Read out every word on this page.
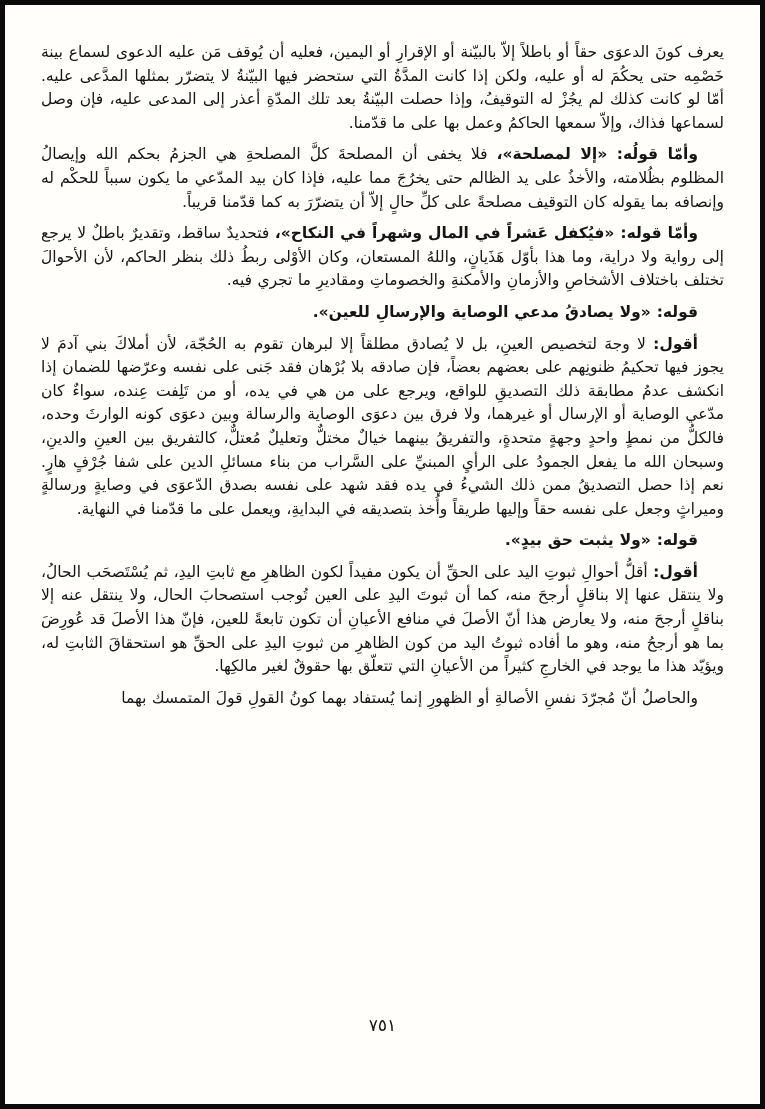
يعرف كونَ الدعوَى حقاً أو باطلاً إلاّ بالبيّنة أو الإقرارِ أو اليمين، فعليه أن يُوقف مَن عليه الدعوى لسماع بينة خَصْمِه حتى يحكُمَ له أو عليه، ولكن إذا كانت المدَّةُ التي ستحضر فيها البيّنةُ لا يتضرّر بمثلها المدَّعى عليه. أمّا لو كانت كذلك لم يجُزْ له التوقيفُ، وإذا حصلت البيّنةُ بعد تلك المدّةِ أعذر إلى المدعى عليه، فإن وصل لسماعها فذاك، وإلاّ سمعها الحاكمُ وعمل بها على ما قدّمنا.

وأمّا قولُه: «إلا لمصلحة»، فلا يخفى أن المصلحةَ كلَّ المصلحةِ هي الجزمُ بحكم الله وإيصالُ المظلوم بظُلامته، والأخذُ على يد الظالم حتى يخرُجَ مما عليه، فإذا كان بيد المدّعي ما يكون سبباً للحكْم له وإنصافه بما يقوله كان التوقيف مصلحةً على كلِّ حالٍ إلاّ أن يتضرّرَ به كما قدّمنا قريباً.

وأمّا قوله: «فيُكفل عَشراً في المال وشهراً في النكاح»، فتحديدٌ ساقط، وتقديرٌ باطلٌ لا يرجع إلى رواية ولا دراية، وما هذا بأوّل هَذَيانٍ، واللهُ المستعان، وكان الأوْلى ربطُ ذلك بنظر الحاكم، لأن الأحوالَ تختلف باختلاف الأشخاصِ والأزمانِ والأمكنةِ والخصوماتِ ومقاديرِ ما تجري فيه.

قوله: «ولا يصادقُ مدعي الوصاية والإرسالِ للعين».

أقول: لا وجهَ لتخصيص العينِ، بل لا يُصادق مطلقاً إلا لبرهان تقوم به الحُجّة، لأن أملاكَ بني آدمَ لا يجوز فيها تحكيمُ ظنونِهم على بعضهم بعضاً، فإن صادقه بلا بُرْهان فقد جَنى على نفسه وعرّضها للضمان إذا انكشف عدمُ مطابقة ذلك التصديقِ للواقع، ويرجع على من هي في يده، أو من تَلِفت عِنده، سواءٌ كان مدّعي الوصاية أو الإرسال أو غيرهما، ولا فرق بين دعوَى الوصاية والرسالة وبين دعوَى كونه الوارثَ وحده، فالكلُّ من نمطٍ واحدٍ وجهةٍ متحدةٍ، والتفريقُ بينهما خيالٌ مختلٌّ وتعليلٌ مُعتلٌّ، كالتفريق بين العينِ والدينِ، وسبحان الله ما يفعل الجمودُ على الرأيِ المبنيِّ على السَّراب من بناء مسائلِ الدين على شفا جُرْفٍ هارٍ. نعم إذا حصل التصديقُ ممن ذلك الشيءُ في يده فقد شهد على نفسه بصدق الدّعوَى في وصايةٍ ورسالةٍ وميراثٍ وجعل على نفسه حقاً وإليها طريقاً وأُخذ بتصديقه في البدايةِ، ويعمل على ما قدّمنا في النهاية.

قوله: «ولا يثبت حق بيدٍ».

أقول: أقلُّ أحوالِ ثبوتِ اليد على الحقِّ أن يكون مفيداً لكون الظاهرِ مع ثابتِ اليدِ، ثم يُسْتَصحَب الحالُ، ولا ينتقل عنها إلا بناقلٍ أرجحَ منه، كما أن ثبوتَ اليدِ على العين تُوجب استصحابَ الحال، ولا ينتقل عنه إلا بناقلٍ أرجحَ منه، ولا يعارض هذا أنّ الأصلَ في منافع الأعيانِ أن تكون تابعةً للعين، فإنّ هذا الأصلَ قد عُورِضَ بما هو أرجحُ منه، وهو ما أفاده ثبوتُ اليد من كون الظاهرِ من ثبوتِ اليدِ على الحقِّ هو استحقاقَ الثابتِ له، ويؤيّد هذا ما يوجد في الخارجِ كثيراً من الأعيانِ التي تتعلّق بها حقوقٌ لغير مالكِها.

والحاصلُ أنّ مُجرّدَ نفسِ الأصالةِ أو الظهورِ إنما يُستفاد بهما كونُ القولِ قولَ المتمسك بهما

٧٥١
